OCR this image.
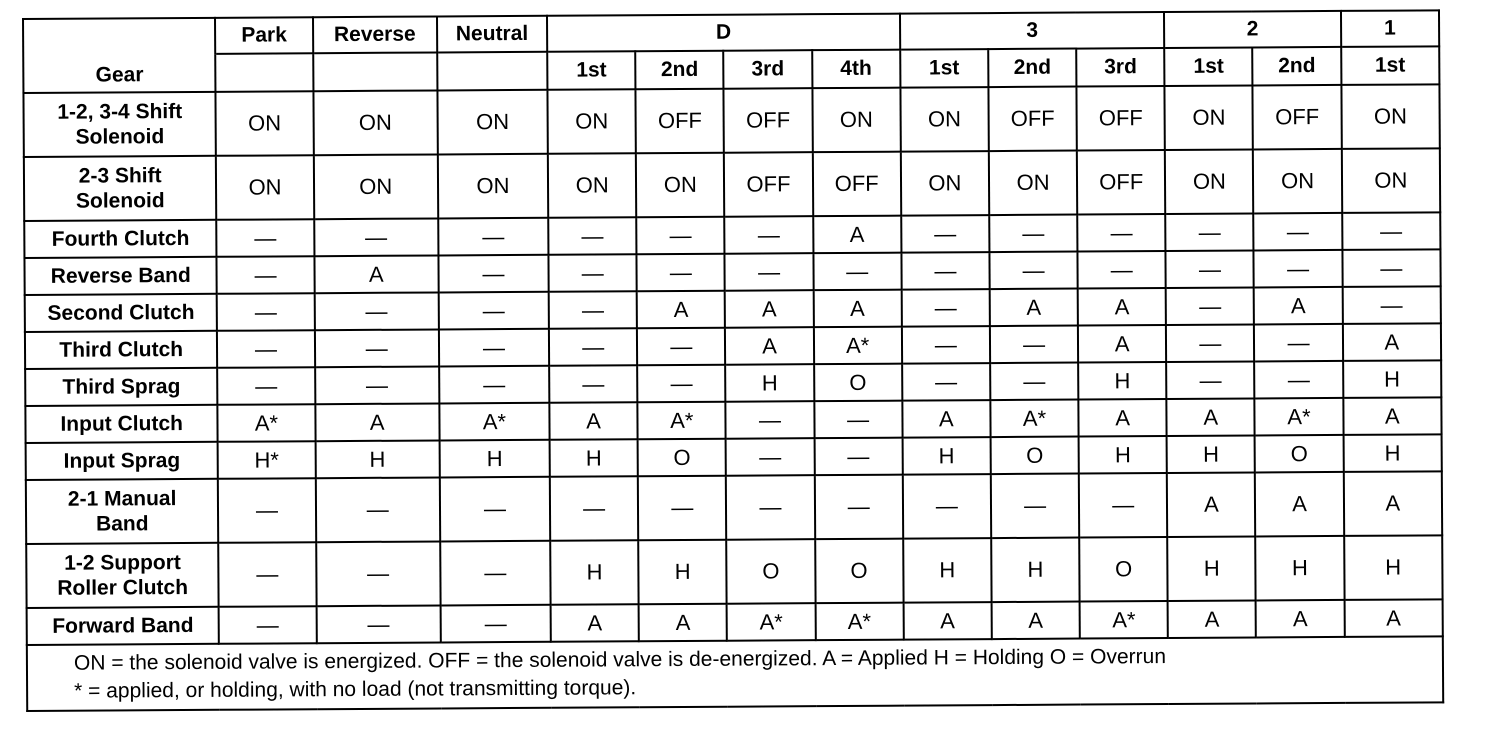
	Park	Reverse	Neutral	D				3			2		1
Gear				1st	2nd	3rd	4th	1st	2nd	3rd	1st	2nd	1st

1-2, 3-4 Shift
Solenoid	ON	ON	ON	ON	OFF	OFF	ON	ON	OFF	OFF	ON	OFF	ON

2-3 Shift
Solenoid	ON	ON	ON	ON	ON	OFF	OFF	ON	ON	OFF	ON	ON	ON

Fourth Clutch	—	—	—	—	—	—	A	—	—	—	—	—	—

Reverse Band	—	A	—	—	—	—	—	—	—	—	—	—	—

Second Clutch	—	—	—	—	A	A	A	—	A	A	—	A	—

Third Clutch	—	—	—	—	—	A	A*	—	—	A	—	—	A

Third Sprag	—	—	—	—	—	H	O	—	—	H	—	—	H

Input Clutch	A*	A	A*	A	A*	—	—	A	A*	A	A	A*	A

Input Sprag	H*	H	H	H	O	—	—	H	O	H	H	O	H

2-1 Manual
Band	—	—	—	—	—	—	—	—	—	—	A	A	A

1-2 Support
Roller Clutch	—	—	—	H	H	O	O	H	H	O	H	H	H

Forward Band	—	—	—	A	A	A*	A*	A	A	A*	A	A	A

ON = the solenoid valve is energized. OFF = the solenoid valve is de-energized. A = Applied H = Holding O = Overrun
* = applied, or holding, with no load (not transmitting torque).													
